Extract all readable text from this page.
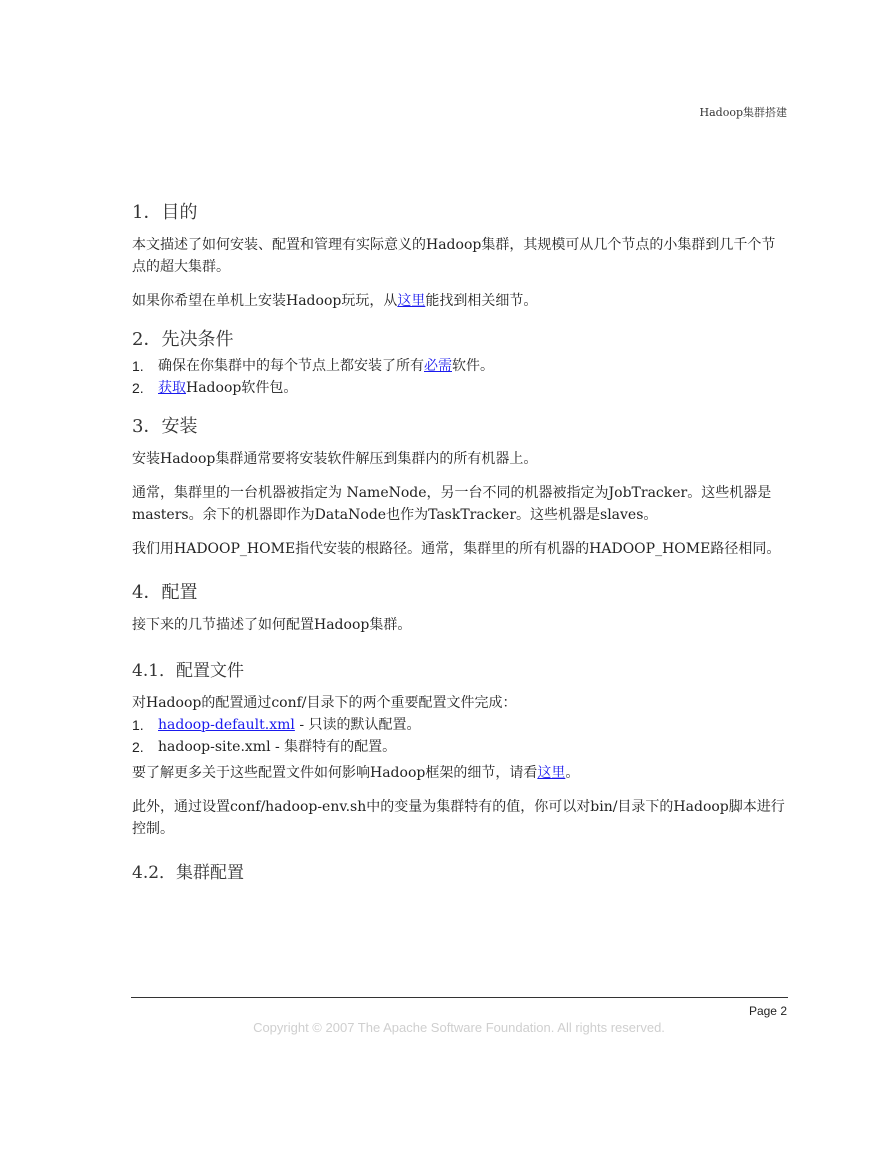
Hadoop集群搭建
1．目的

本文描述了如何安装、配置和管理有实际意义的Hadoop集群，其规模可从几个节点的小集群到几千个节点的超大集群。

如果你希望在单机上安装Hadoop玩玩，从这里能找到相关细节。

2．先决条件
1. 确保在你集群中的每个节点上都安装了所有必需软件。
2. 获取Hadoop软件包。
3．安装

安装Hadoop集群通常要将安装软件解压到集群内的所有机器上。

通常，集群里的一台机器被指定为 NameNode，另一台不同的机器被指定为JobTracker。这些机器是masters。余下的机器即作为DataNode也作为TaskTracker。这些机器是slaves。

我们用HADOOP_HOME指代安装的根路径。通常，集群里的所有机器的HADOOP_HOME路径相同。

4．配置

接下来的几节描述了如何配置Hadoop集群。

4.1．配置文件

对Hadoop的配置通过conf/目录下的两个重要配置文件完成：

1. hadoop-default.xml - 只读的默认配置。
2. hadoop-site.xml - 集群特有的配置。

要了解更多关于这些配置文件如何影响Hadoop框架的细节，请看这里。

此外，通过设置conf/hadoop-env.sh中的变量为集群特有的值，你可以对bin/目录下的Hadoop脚本进行控制。

4.2．集群配置
Page 2
Copyright © 2007 The Apache Software Foundation. All rights reserved.
